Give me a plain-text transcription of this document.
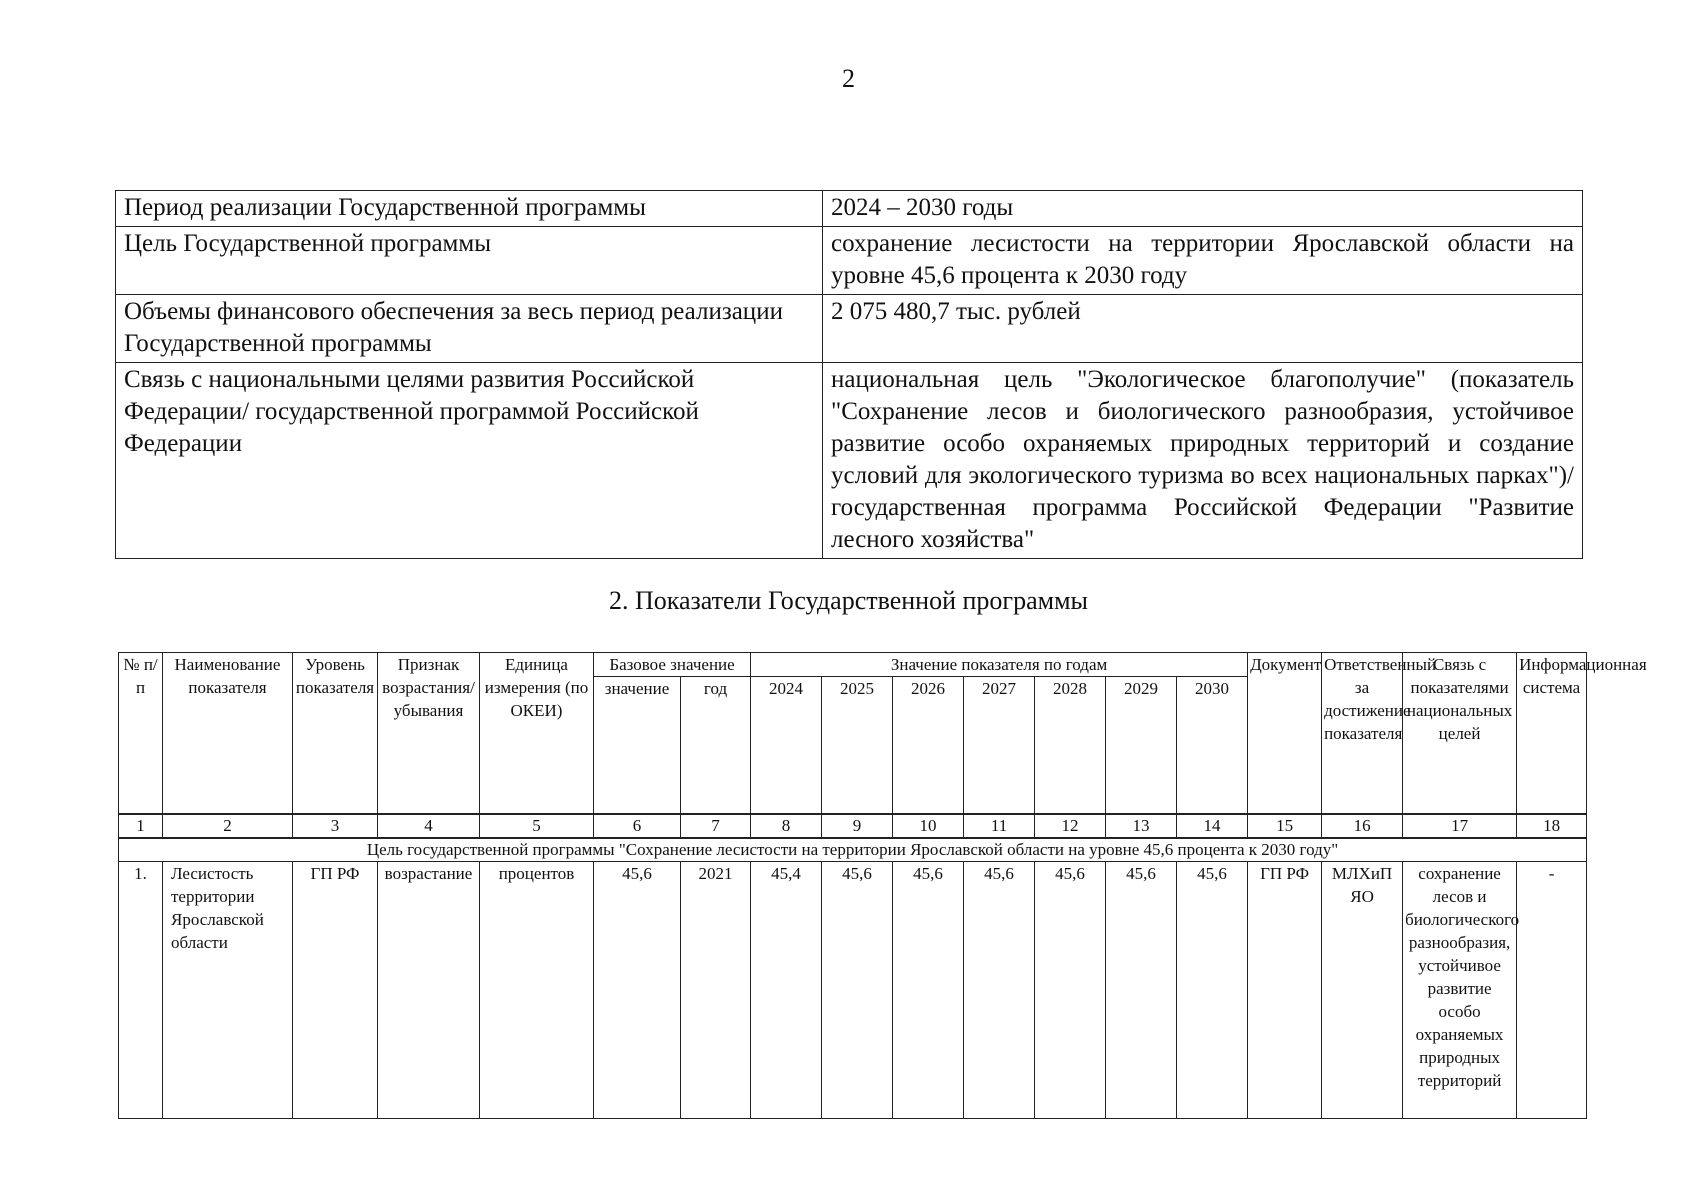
2
Период реализации Государственной программы	2024 – 2030 годы
Цель Государственной программы	сохранение лесистости на территории Ярославской области на уровне 45,6 процента к 2030 году
Объемы финансового обеспечения за весь период реализации Государственной программы	2 075 480,7 тыс. рублей
Связь с национальными целями развития Российской Федерации/ государственной программой Российской Федерации	национальная цель "Экологическое благополучие" (показатель "Сохранение лесов и биологического разнообразия, устойчивое развитие особо охраняемых природных территорий и создание условий для экологического туризма во всех национальных парках")/ государственная программа Российской Федерации "Развитие лесного хозяйства"
2. Показатели Государственной программы
№ п/п	Наименование показателя	Уровень показателя	Признак возрастания/ убывания	Единица измерения (по ОКЕИ)	Базовое значение		Значение показателя по годам							Документ	Ответственный за достижение показателя	Связь с показателями национальных целей	Информационная система
					значение	год	2024	2025	2026	2027	2028	2029	2030				

1	2	3	4	5	6	7	8	9	10	11	12	13	14	15	16	17	18
Цель государственной программы "Сохранение лесистости на территории Ярославской области на уровне 45,6 процента к 2030 году"																	
1.	Лесистость территории Ярославской области	ГП РФ	возрастание	процентов	45,6	2021	45,4	45,6	45,6	45,6	45,6	45,6	45,6	ГП РФ	МЛХиП ЯО	сохранение лесов и биологического разнообразия, устойчивое развитие особо охраняемых природных территорий	-
